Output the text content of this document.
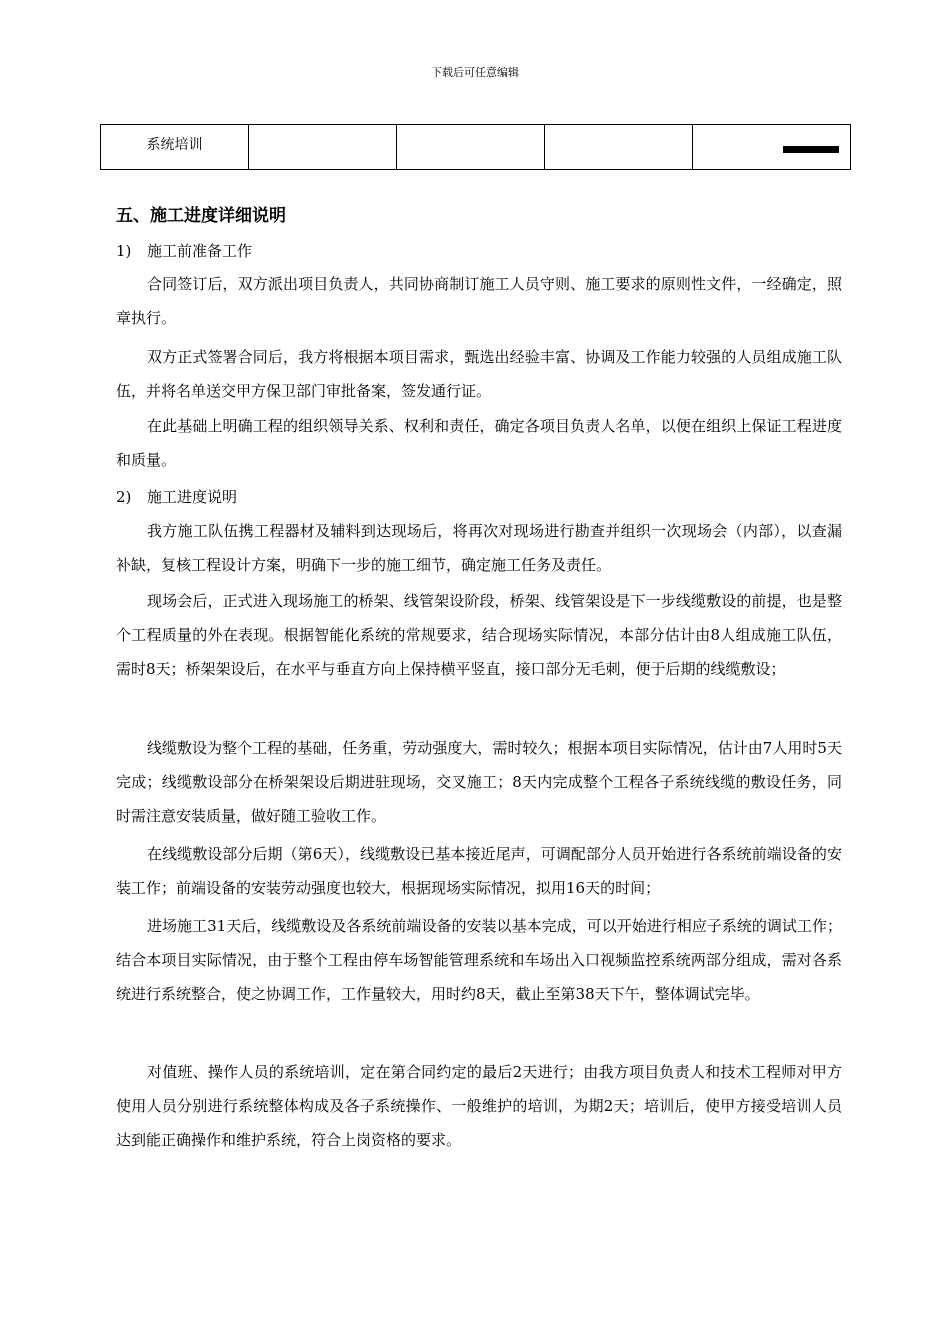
下载后可任意编辑
系统培训				
五、施工进度详细说明
1) 施工前准备工作

合同签订后，双方派出项目负责人，共同协商制订施工人员守则、施工要求的原则性文件，一经确定，照章执行。

双方正式签署合同后，我方将根据本项目需求，甄选出经验丰富、协调及工作能力较强的人员组成施工队伍，并将名单送交甲方保卫部门审批备案，签发通行证。

在此基础上明确工程的组织领导关系、权利和责任，确定各项目负责人名单，以便在组织上保证工程进度和质量。

2) 施工进度说明

我方施工队伍携工程器材及辅料到达现场后，将再次对现场进行勘查并组织一次现场会（内部），以查漏补缺，复核工程设计方案，明确下一步的施工细节，确定施工任务及责任。

现场会后，正式进入现场施工的桥架、线管架设阶段，桥架、线管架设是下一步线缆敷设的前提，也是整个工程质量的外在表现。根据智能化系统的常规要求，结合现场实际情况，本部分估计由8人组成施工队伍，需时8天；桥架架设后，在水平与垂直方向上保持横平竖直，接口部分无毛刺，便于后期的线缆敷设；

线缆敷设为整个工程的基础，任务重，劳动强度大，需时较久；根据本项目实际情况，估计由7人用时5天完成；线缆敷设部分在桥架架设后期进驻现场，交叉施工；8天内完成整个工程各子系统线缆的敷设任务，同时需注意安装质量，做好随工验收工作。

在线缆敷设部分后期（第6天），线缆敷设已基本接近尾声，可调配部分人员开始进行各系统前端设备的安装工作；前端设备的安装劳动强度也较大，根据现场实际情况，拟用16天的时间；

进场施工31天后，线缆敷设及各系统前端设备的安装以基本完成，可以开始进行相应子系统的调试工作；结合本项目实际情况，由于整个工程由停车场智能管理系统和车场出入口视频监控系统两部分组成，需对各系统进行系统整合，使之协调工作，工作量较大，用时约8天，截止至第38天下午，整体调试完毕。

对值班、操作人员的系统培训，定在第合同约定的最后2天进行；由我方项目负责人和技术工程师对甲方使用人员分别进行系统整体构成及各子系统操作、一般维护的培训，为期2天；培训后，使甲方接受培训人员达到能正确操作和维护系统，符合上岗资格的要求。
